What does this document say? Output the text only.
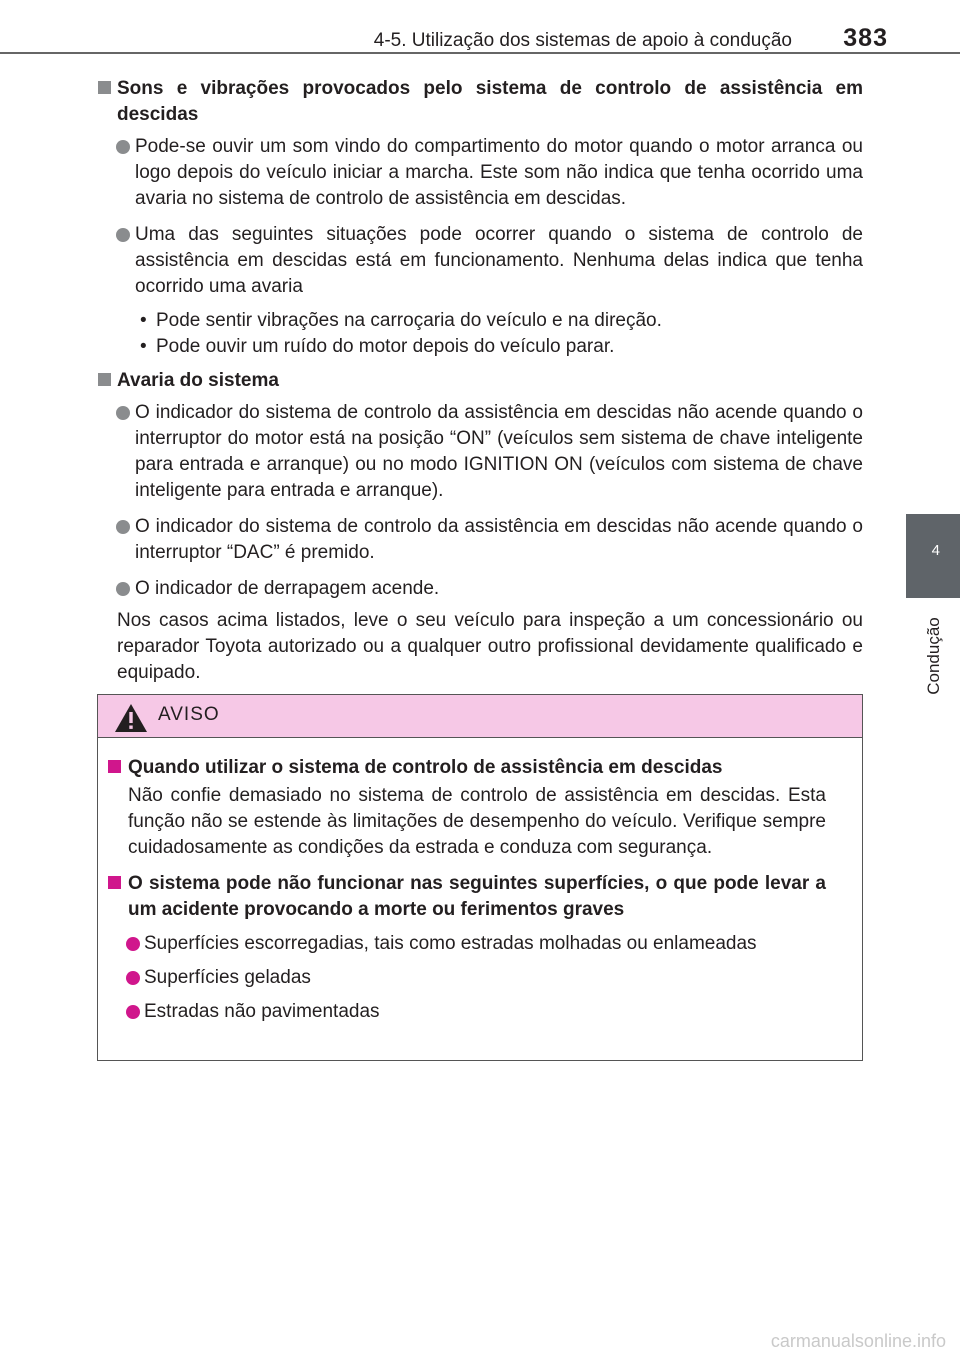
4-5. Utilização dos sistemas de apoio à condução 383
4
Condução
Sons e vibrações provocados pelo sistema de controlo de assistência em descidas
Pode-se ouvir um som vindo do compartimento do motor quando o motor arranca ou logo depois do veículo iniciar a marcha. Este som não indica que tenha ocorrido uma avaria no sistema de controlo de assistência em descidas.
Uma das seguintes situações pode ocorrer quando o sistema de controlo de assistência em descidas está em funcionamento. Nenhuma delas indica que tenha ocorrido uma avaria
• Pode sentir vibrações na carroçaria do veículo e na direção.
• Pode ouvir um ruído do motor depois do veículo parar.
Avaria do sistema
O indicador do sistema de controlo da assistência em descidas não acende quando o interruptor do motor está na posição “ON” (veículos sem sistema de chave inteligente para entrada e arranque) ou no modo IGNITION ON (veículos com sistema de chave inteligente para entrada e arranque).
O indicador do sistema de controlo da assistência em descidas não acende quando o interruptor “DAC” é premido.
O indicador de derrapagem acende.
Nos casos acima listados, leve o seu veículo para inspeção a um concessionário ou reparador Toyota autorizado ou a qualquer outro profissional devidamente qualificado e equipado.
AVISO
Quando utilizar o sistema de controlo de assistência em descidas
Não confie demasiado no sistema de controlo de assistência em descidas. Esta função não se estende às limitações de desempenho do veículo. Verifique sempre cuidadosamente as condições da estrada e conduza com segurança.
O sistema pode não funcionar nas seguintes superfícies, o que pode levar a um acidente provocando a morte ou ferimentos graves
Superfícies escorregadias, tais como estradas molhadas ou enlameadas
Superfícies geladas
Estradas não pavimentadas
carmanualsonline.info
